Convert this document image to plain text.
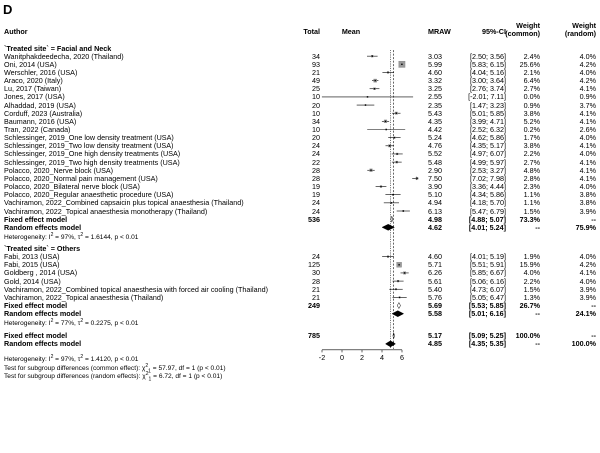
D
Author	Total	Mean	MRAW	95%-CI
Weight
(common)
Weight
(random)
`Treated site` = Facial and Neck
Wanitphakdeedecha, 2020 (Thailand)	34	3.03	[2.50; 3.56] 2.4%	4.0%
Oni, 2014 (USA)	93	5.99	[5.83; 6.15] 25.6%	4.2%
Werschler, 2016 (USA)	21	4.60	[4.04; 5.16] 2.1%	4.0%
Araco, 2020 (Italy)	49	3.32	[3.00; 3.64] 6.4%	4.2%
Lu, 2017 (Taiwan)	25	3.25	[2.76; 3.74] 2.7%	4.1%
Jones, 2017 (USA)	10	2.55	[-2.01; 7.11] 0.0%	0.9%
Alhaddad, 2019 (USA)	20	2.35	[1.47; 3.23] 0.9%	3.7%
Corduff, 2023 (Australia)	10	5.43	[5.01; 5.85] 3.8%	4.1%
Baumann, 2016 (USA)	34	4.35	[3.99; 4.71] 5.2%	4.1%
Tran, 2022 (Canada)	10	4.42	[2.52; 6.32] 0.2%	2.6%
Schlessinger, 2019_One low density treatment (USA)	20	5.24	[4.62; 5.86] 1.7%	4.0%
Schlessinger, 2019_Two low density treatment (USA)	24	4.76	[4.35; 5.17] 3.8%	4.1%
Schlessinger, 2019_One high density treatments (USA)	24	5.52	[4.97; 6.07] 2.2%	4.0%
Schlessinger, 2019_Two high density treatments (USA)	22	5.48	[4.99; 5.97] 2.7%	4.1%
Polacco, 2020_Nerve block (USA)	28	2.90	[2.53; 3.27] 4.8%	4.1%
Polacco, 2020_Normal pain management (USA)	28	7.50	[7.02; 7.98] 2.8%	4.1%
Polacco, 2020_Bilateral nerve block (USA)	19	3.90	[3.36; 4.44] 2.3%	4.0%
Polacco, 2020_Regular anaesthetic procedure (USA)	19	5.10	[4.34; 5.86] 1.1%	3.8%
Vachiramon, 2022_Combined capsaicin plus topical anaesthesia (Thailand)	24	4.94	[4.18; 5.70] 1.1%	3.8%
Vachiramon, 2022_Topical anaesthesia monotherapy (Thailand)	24	6.13	[5.47; 6.79] 1.5%	3.9%
Fixed effect model	536	4.98	[4.88; 5.07] 73.3%	--
Random effects model	4.62	[4.01; 5.24]	--	75.9%
Heterogeneity: $I^2 = 97\%$, $\tau^2 = 1.6144$, p < 0.01
`Treated site` = Others
Fabi, 2013 (USA)	24	4.60	[4.01; 5.19] 1.9%	4.0%
Fabi, 2015 (USA)	125	5.71	[5.51; 5.91] 15.9%	4.2%
Goldberg , 2014 (USA)	30	6.26	[5.85; 6.67] 4.0%	4.1%
Gold, 2014 (USA)	28	5.61	[5.06; 6.16] 2.2%	4.0%
Vachiramon, 2022_Combined topical anaesthesia with forced air cooling (Thailand)	21	5.40	[4.73; 6.07] 1.5%	3.9%
Vachiramon, 2022_Topical anaesthesia (Thailand)	21	5.76	[5.05; 6.47] 1.3%	3.9%
Fixed effect model	249	5.69	[5.53; 5.85] 26.7%	--
Random effects model	5.58	[5.01; 6.16]	--	24.1%
Heterogeneity: $I^2 = 77\%$, $\tau^2 = 0.2275$, p < 0.01
Fixed effect model	785	5.17	[5.09; 5.25] 100.0%	--
Random effects model	4.85	[4.35; 5.35]	--	100.0%
-2	0	2	4	6
Heterogeneity: $I^2 = 97\%$, $\tau^2 = 1.4120$, p < 0.01
Test for subgroup differences (common effect): $\chi^2_1 = 57.97$, df = 1 (p < 0.01)
Test for subgroup differences (random effects): $\chi^2_1 = 6.72$, df = 1 (p < 0.01)
